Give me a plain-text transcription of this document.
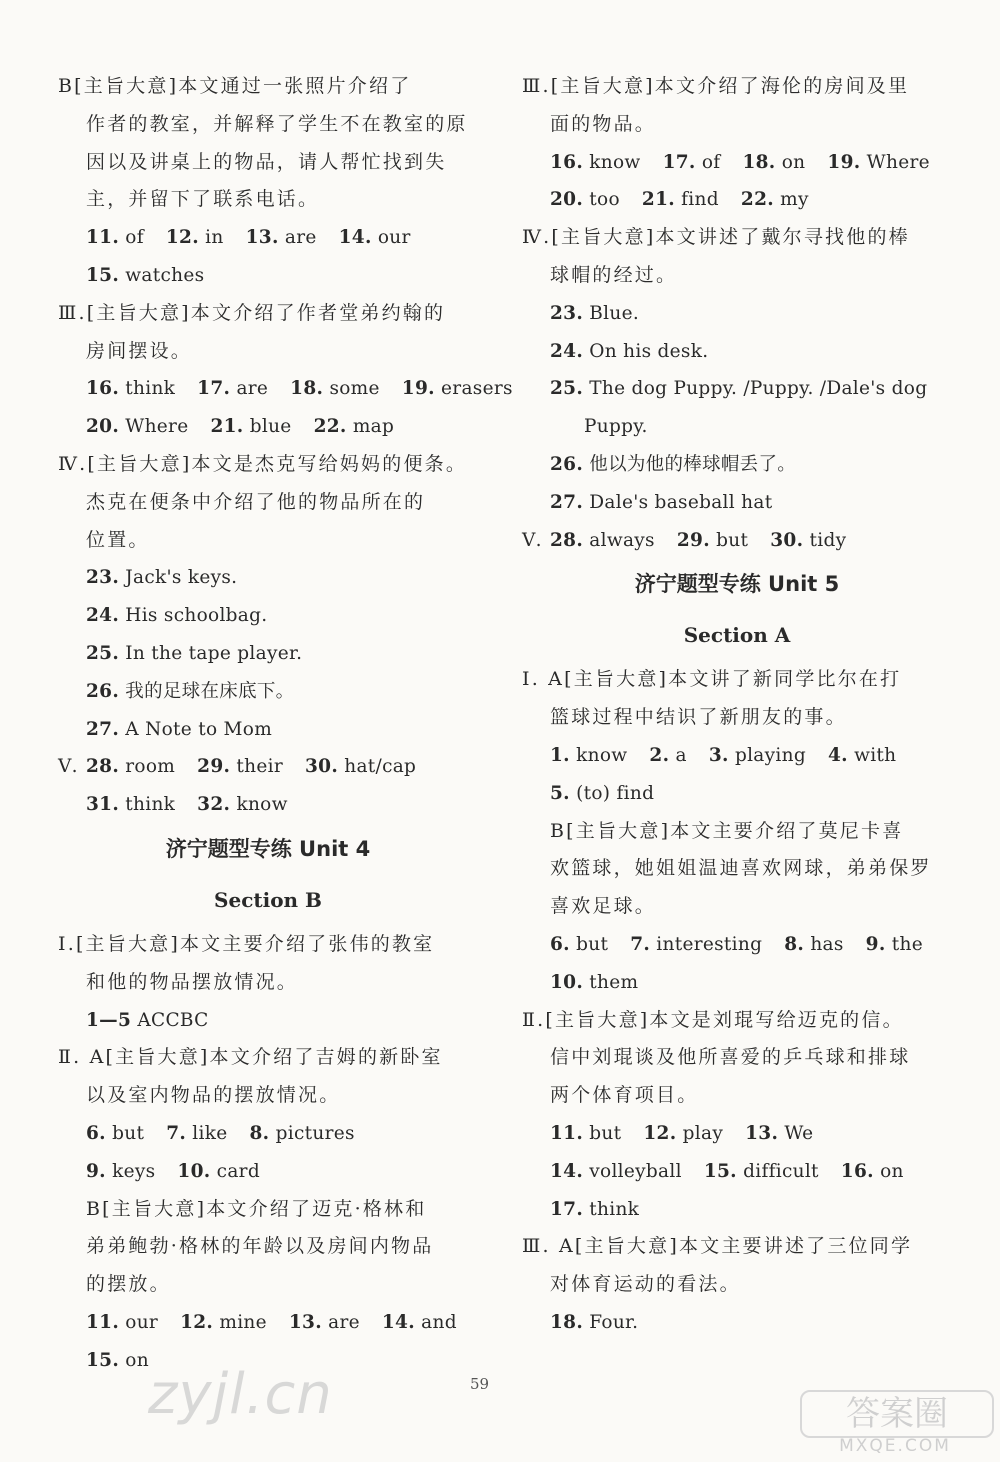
B[主旨大意]本文通过一张照片介绍了
作者的教室，并解释了学生不在教室的原
因以及讲桌上的物品，请人帮忙找到失
主，并留下了联系电话。
11. of 12. in 13. are 14. our
15. watches
Ⅲ.[主旨大意]本文介绍了作者堂弟约翰的
房间摆设。
16. think 17. are 18. some 19. erasers
20. Where 21. blue 22. map
Ⅳ.[主旨大意]本文是杰克写给妈妈的便条。
杰克在便条中介绍了他的物品所在的
位置。
23. Jack's keys.
24. His schoolbag.
25. In the tape player.
26. 我的足球在床底下。
27. A Note to Mom
Ⅴ. 28. room 29. their 30. hat/cap
31. think 32. know
济宁题型专练 Unit 4
Section B
Ⅰ.[主旨大意]本文主要介绍了张伟的教室
和他的物品摆放情况。
1—5 ACCBC
Ⅱ. A[主旨大意]本文介绍了吉姆的新卧室
以及室内物品的摆放情况。
6. but 7. like 8. pictures
9. keys 10. card
B[主旨大意]本文介绍了迈克·格林和
弟弟鲍勃·格林的年龄以及房间内物品
的摆放。
11. our 12. mine 13. are 14. and
15. on
Ⅲ.[主旨大意]本文介绍了海伦的房间及里
面的物品。
16. know 17. of 18. on 19. Where
20. too 21. find 22. my
Ⅳ.[主旨大意]本文讲述了戴尔寻找他的棒
球帽的经过。
23. Blue.
24. On his desk.
25. The dog Puppy. /Puppy. /Dale's dog
Puppy.
26. 他以为他的棒球帽丢了。
27. Dale's baseball hat
Ⅴ. 28. always 29. but 30. tidy
济宁题型专练 Unit 5
Section A
Ⅰ. A[主旨大意]本文讲了新同学比尔在打
篮球过程中结识了新朋友的事。
1. know 2. a 3. playing 4. with
5. (to) find
B[主旨大意]本文主要介绍了莫尼卡喜
欢篮球，她姐姐温迪喜欢网球，弟弟保罗
喜欢足球。
6. but 7. interesting 8. has 9. the
10. them
Ⅱ.[主旨大意]本文是刘琨写给迈克的信。
信中刘琨谈及他所喜爱的乒乓球和排球
两个体育项目。
11. but 12. play 13. We
14. volleyball 15. difficult 16. on
17. think
Ⅲ. A[主旨大意]本文主要讲述了三位同学
对体育运动的看法。
18. Four.
59
zyjl.cn	答案圈
MXQE.COM
